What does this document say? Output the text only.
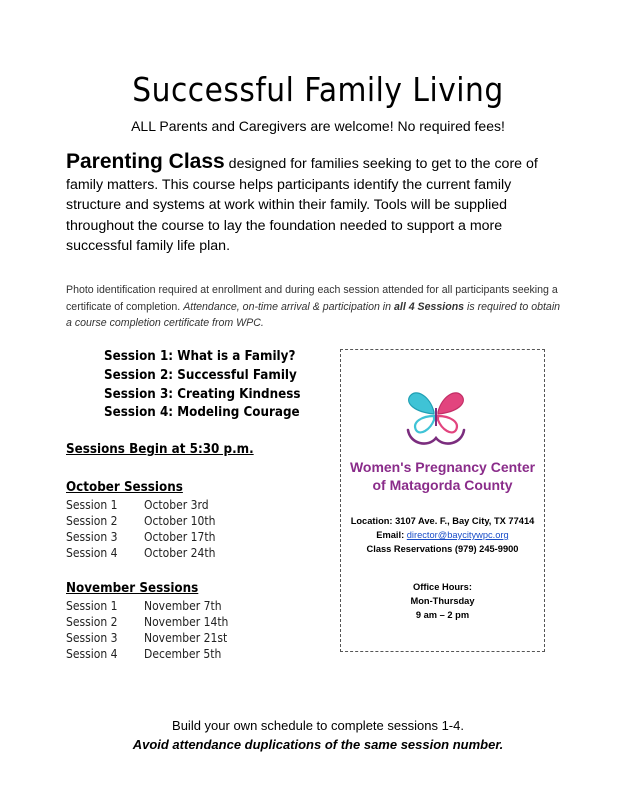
Successful Family Living
ALL Parents and Caregivers are welcome! No required fees!
Parenting Class designed for families seeking to get to the core of family matters. This course helps participants identify the current family structure and systems at work within their family. Tools will be supplied throughout the course to lay the foundation needed to support a more successful family life plan.
Photo identification required at enrollment and during each session attended for all participants seeking a certificate of completion. Attendance, on-time arrival & participation in all 4 Sessions is required to obtain a course completion certificate from WPC.
Session 1: What is a Family?
Session 2: Successful Family
Session 3: Creating Kindness
Session 4: Modeling Courage
Sessions Begin at 5:30 p.m.
October Sessions
Session 1 October 3rd
Session 2 October 10th
Session 3 October 17th
Session 4 October 24th
November Sessions
Session 1 November 7th
Session 2 November 14th
Session 3 November 21st
Session 4 December 5th
Women's Pregnancy Center
of Matagorda County
Location: 3107 Ave. F., Bay City, TX 77414
Email: director@baycitywpc.org
Class Reservations (979) 245-9900
Office Hours:
Mon-Thursday
9 am – 2 pm
Build your own schedule to complete sessions 1-4.
Avoid attendance duplications of the same session number.
